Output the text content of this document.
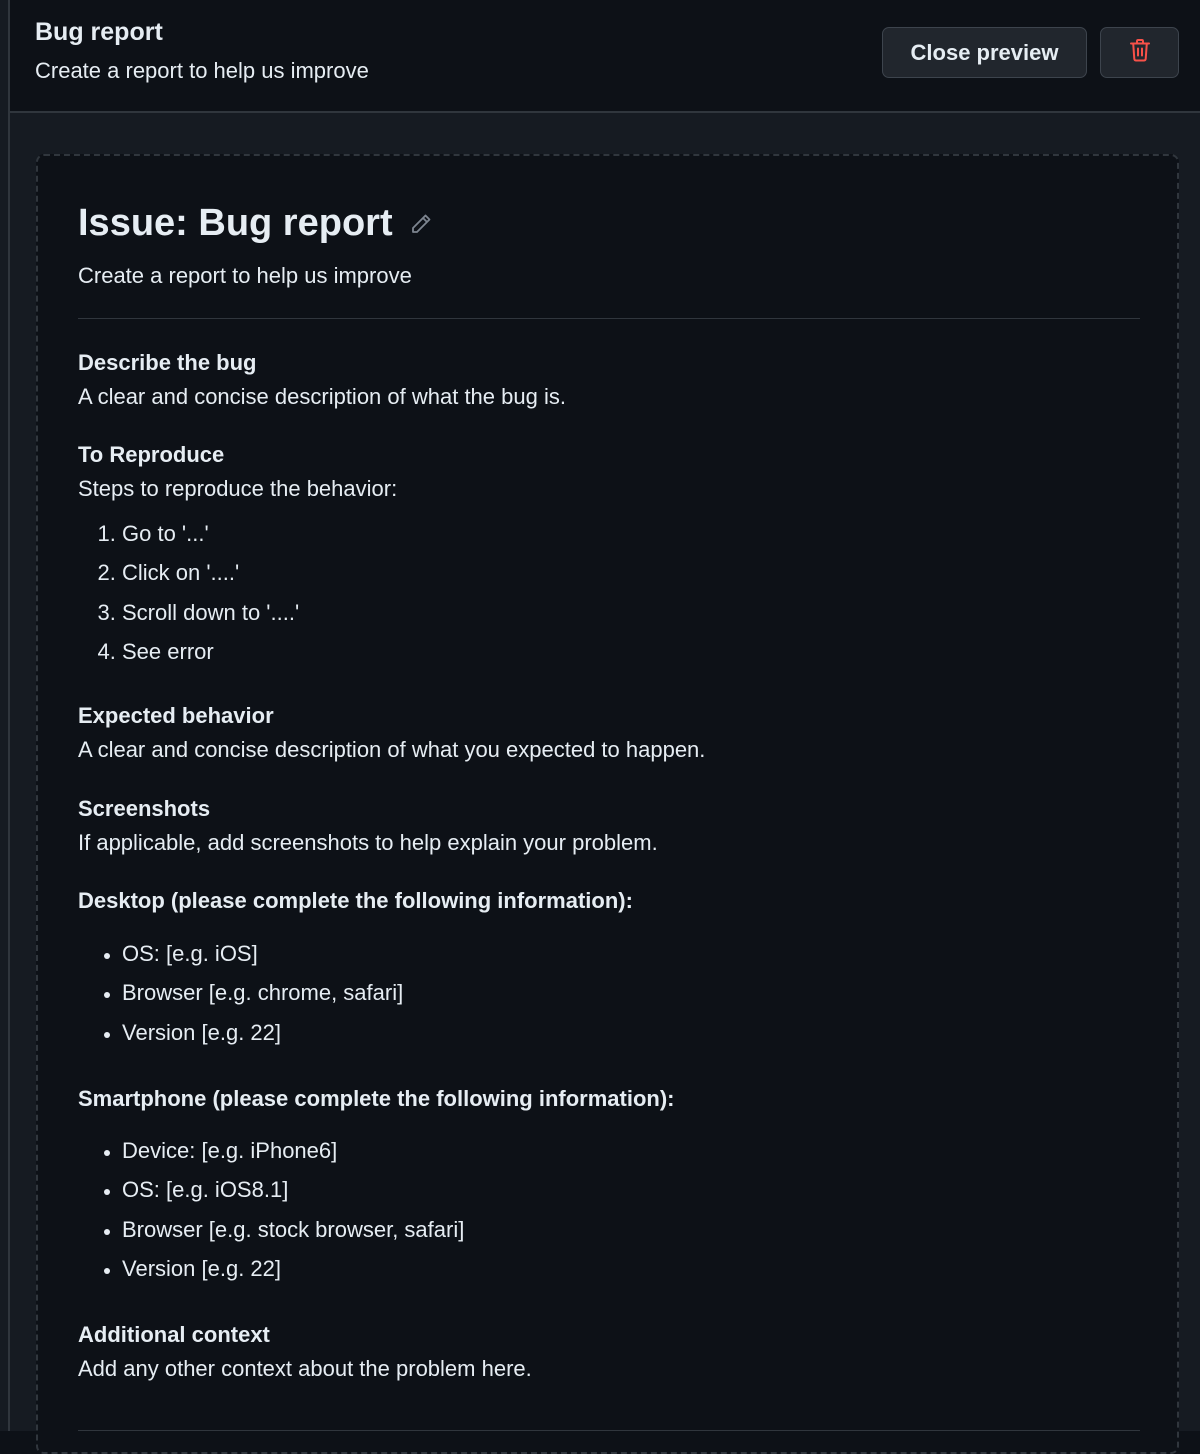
Bug report
Create a report to help us improve
Close preview
Issue: Bug report
Create a report to help us improve
Describe the bug
A clear and concise description of what the bug is.
To Reproduce
Steps to reproduce the behavior:
1. Go to '...'
2. Click on '....'
3. Scroll down to '....'
4. See error
Expected behavior
A clear and concise description of what you expected to happen.
Screenshots
If applicable, add screenshots to help explain your problem.
Desktop (please complete the following information):
• OS: [e.g. iOS]
• Browser [e.g. chrome, safari]
• Version [e.g. 22]
Smartphone (please complete the following information):
• Device: [e.g. iPhone6]
• OS: [e.g. iOS8.1]
• Browser [e.g. stock browser, safari]
• Version [e.g. 22]
Additional context
Add any other context about the problem here.
